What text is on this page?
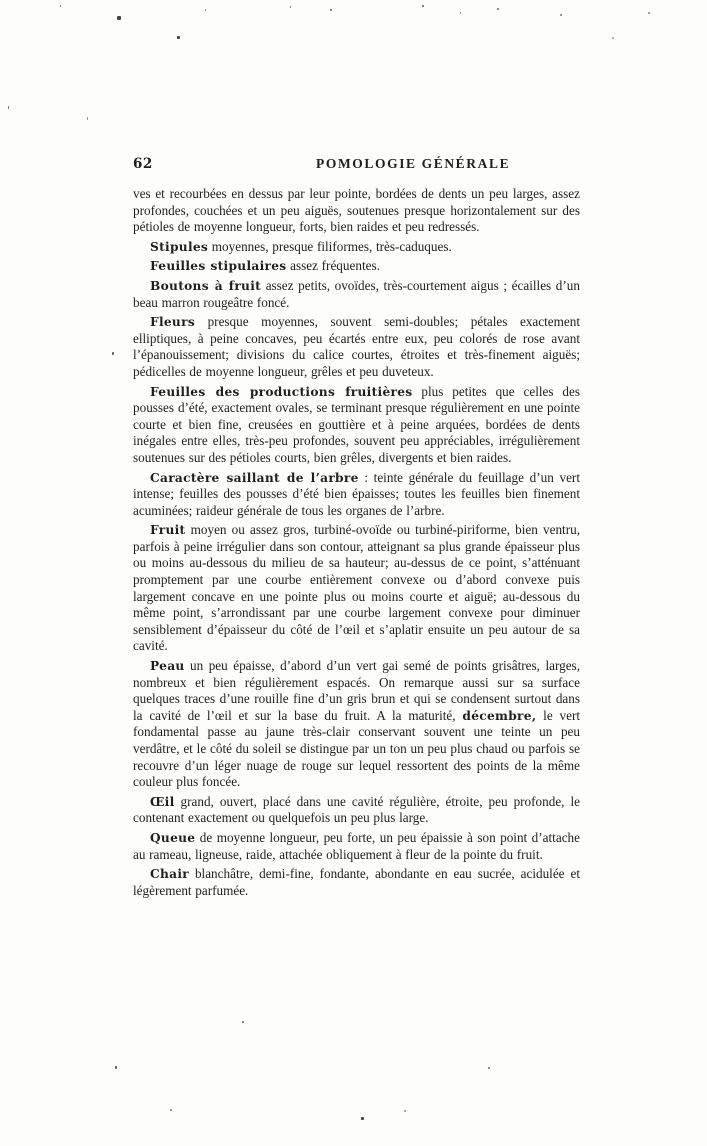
62	POMOLOGIE GÉNÉRALE

ves et recourbées en dessus par leur pointe, bordées de dents un peu larges, assez profondes, couchées et un peu aiguës, soutenues presque horizontalement sur des pétioles de moyenne longueur, forts, bien raides et peu redressés.

Stipules moyennes, presque filiformes, très-caduques.

Feuilles stipulaires assez fréquentes.

Boutons à fruit assez petits, ovoïdes, très-courtement aigus ; écailles d’un beau marron rougeâtre foncé.

Fleurs presque moyennes, souvent semi-doubles; pétales exactement elliptiques, à peine concaves, peu écartés entre eux, peu colorés de rose avant l’épanouissement; divisions du calice courtes, étroites et très-finement aiguës; pédicelles de moyenne longueur, grêles et peu duveteux.

Feuilles des productions fruitières plus petites que celles des pousses d’été, exactement ovales, se terminant presque régulièrement en une pointe courte et bien fine, creusées en gouttière et à peine arquées, bordées de dents inégales entre elles, très-peu profondes, souvent peu appréciables, irrégulièrement soutenues sur des pétioles courts, bien grêles, divergents et bien raides.

Caractère saillant de l’arbre : teinte générale du feuillage d’un vert intense; feuilles des pousses d’été bien épaisses; toutes les feuilles bien finement acuminées; raideur générale de tous les organes de l’arbre.

Fruit moyen ou assez gros, turbiné-ovoïde ou turbiné-piriforme, bien ventru, parfois à peine irrégulier dans son contour, atteignant sa plus grande épaisseur plus ou moins au-dessous du milieu de sa hauteur; au-dessus de ce point, s’atténuant promptement par une courbe entièrement convexe ou d’abord convexe puis largement concave en une pointe plus ou moins courte et aiguë; au-dessous du même point, s’arrondissant par une courbe largement convexe pour diminuer sensiblement d’épaisseur du côté de l’œil et s’aplatir ensuite un peu autour de sa cavité.

Peau un peu épaisse, d’abord d’un vert gai semé de points grisâtres, larges, nombreux et bien régulièrement espacés. On remarque aussi sur sa surface quelques traces d’une rouille fine d’un gris brun et qui se condensent surtout dans la cavité de l’œil et sur la base du fruit. A la maturité, décembre, le vert fondamental passe au jaune très-clair conservant souvent une teinte un peu verdâtre, et le côté du soleil se distingue par un ton un peu plus chaud ou parfois se recouvre d’un léger nuage de rouge sur lequel ressortent des points de la même couleur plus foncée.

Œil grand, ouvert, placé dans une cavité régulière, étroite, peu profonde, le contenant exactement ou quelquefois un peu plus large.

Queue de moyenne longueur, peu forte, un peu épaissie à son point d’attache au rameau, ligneuse, raide, attachée obliquement à fleur de la pointe du fruit.

Chair blanchâtre, demi-fine, fondante, abondante en eau sucrée, acidulée et légèrement parfumée.
